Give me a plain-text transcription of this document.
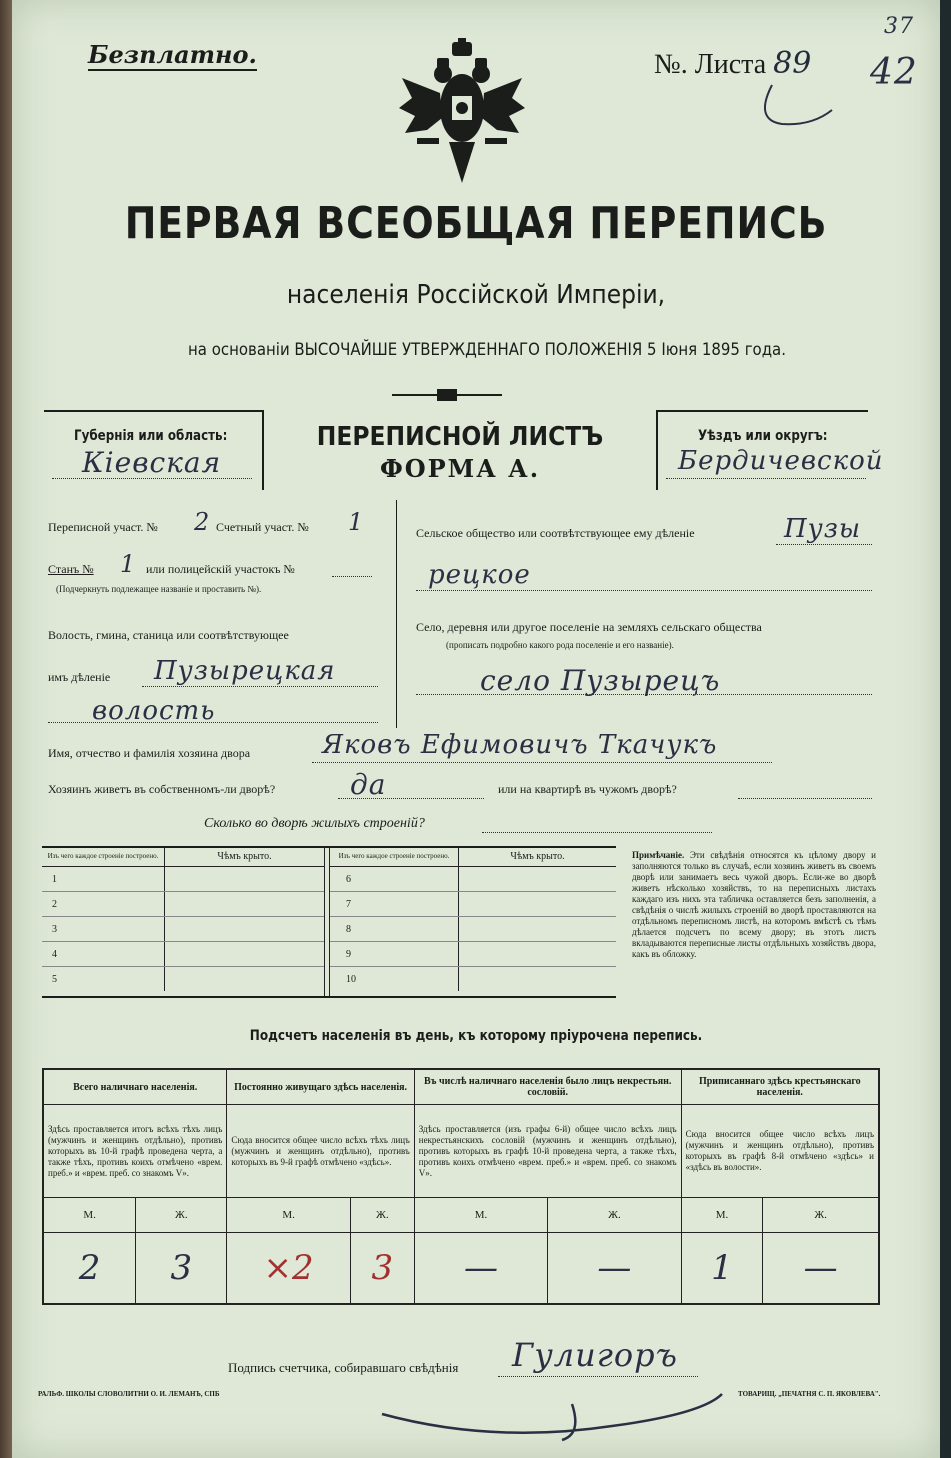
Безплатно.	№. Листа 89
37
42
ПЕРВАЯ ВСЕОБЩАЯ ПЕРЕПИСЬ
населенія Россійской Имперіи,
на основаніи ВЫСОЧАЙШЕ УТВЕРЖДЕННАГО ПОЛОЖЕНІЯ 5 Іюня 1895 года.
Губернія или область:
Кіевская
ПЕРЕПИСНОЙ ЛИСТЪ
ФОРМА А.
Уѣздъ или округъ:
Бердичевской
Переписной участ. № 2 Счетный участ. № 1
Станъ № 1 или полицейскій участокъ №
(Подчеркнуть подлежащее названіе и проставить №).
Волость, гмина, станица или соотвѣтствующее
имъ дѣленіе Пузырецкая
волость
Сельское общество или соотвѣтствующее ему дѣленіе	Пузы
рецкое
Село, деревня или другое поселеніе на земляхъ сельскаго общества
(прописать подробно какого рода поселеніе и его названіе).
село Пузырецъ
Имя, отчество и фамилія хозяина двора	Яковъ Ефимовичъ Ткачукъ
Хозяинъ живетъ въ собственномъ-ли дворѣ?	да	или на квартирѣ въ чужомъ дворѣ?
Сколько во дворѣ жилыхъ строеній?
Изъ чего каждое строеніе построено.	Чѣмъ крыто.
1	
2	
3	
4	
5	
Изъ чего каждое строеніе построено.	Чѣмъ крыто.
6	
7	
8	
9	
10	
Примѣчаніе. Эти свѣдѣнія относятся къ цѣлому двору и заполняются только въ случаѣ, если хозяинъ живетъ въ своемъ дворѣ или занимаетъ весь чужой дворъ. Если-же во дворѣ живетъ нѣсколько хозяйствъ, то на переписныхъ листахъ каждаго изъ нихъ эта табличка оставляется безъ заполненія, а свѣдѣнія о числѣ жилыхъ строеній во дворѣ проставляются на отдѣльномъ переписномъ листѣ, на которомъ вмѣстѣ съ тѣмъ дѣлается подсчетъ по всему двору; въ этотъ листъ вкладываются переписные листы отдѣльныхъ хозяйствъ двора, какъ въ обложку.
Подсчетъ населенія въ день, къ которому пріурочена перепись.
Всего наличнаго населенія.		Постоянно живущаго здѣсь населенія.		Въ числѣ наличнаго населенія было лицъ некрестьян. сословій.		Приписаннаго здѣсь крестьянскаго населенія.	
Здѣсь проставляется итогъ всѣхъ тѣхъ лицъ (мужчинъ и женщинъ отдѣльно), противъ которыхъ въ 10-й графѣ проведена черта, а также тѣхъ, противъ коихъ отмѣчено «врем. преб.» и «врем. преб. со знакомъ V».		Сюда вносится общее число всѣхъ тѣхъ лицъ (мужчинъ и женщинъ отдѣльно), противъ которыхъ въ 9-й графѣ отмѣчено «здѣсь».		Здѣсь проставляется (изъ графы 6-й) общее число всѣхъ лицъ некрестьянскихъ сословій (мужчинъ и женщинъ отдѣльно), противъ которыхъ въ графѣ 10-й проведена черта, а также тѣхъ, противъ коихъ отмѣчено «врем. преб.» и «врем. преб. со знакомъ V».		Сюда вносится общее число всѣхъ лицъ (мужчинъ и женщинъ отдѣльно), противъ которыхъ въ графѣ 8-й отмѣчено «здѣсь» и «здѣсь въ волости».	
М.	Ж.	М.	Ж.	М.	Ж.	М.	Ж.
2	3	×2	3	—	—	1	—
Подпись счетчика, собиравшаго свѣдѣнія Гулигоръ
РАЛЬФ. ШКОЛЫ СЛОВОЛИТНИ О. И. ЛЕМАНЪ, СПБ	ТОВАРИЩ. „ПЕЧАТНЯ С. П. ЯКОВЛЕВА".
